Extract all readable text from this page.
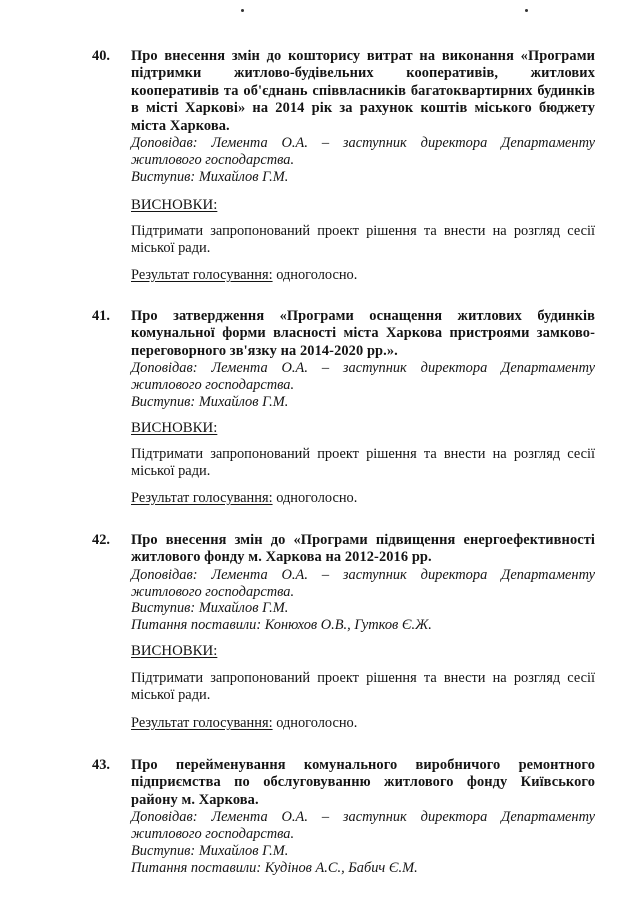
40. Про внесення змін до кошторису витрат на виконання «Програми підтримки житлово-будівельних кооперативів, житлових кооперативів та об'єднань співвласників багатоквартирних будинків в місті Харкові» на 2014 рік за рахунок коштів міського бюджету міста Харкова.

Доповідав: Лемента О.А. – заступник директора Департаменту житлового господарства.

Виступив: Михайлов Г.М.

ВИСНОВКИ:

Підтримати запропонований проект рішення та внести на розгляд сесії міської ради.

Результат голосування: одноголосно.

41. Про затвердження «Програми оснащення житлових будинків комунальної форми власності міста Харкова пристроями замково-переговорного зв'язку на 2014-2020 рр.».

Доповідав: Лемента О.А. – заступник директора Департаменту житлового господарства.

Виступив: Михайлов Г.М.

ВИСНОВКИ:

Підтримати запропонований проект рішення та внести на розгляд сесії міської ради.

Результат голосування: одноголосно.

42. Про внесення змін до «Програми підвищення енергоефективності житлового фонду м. Харкова на 2012-2016 рр.

Доповідав: Лемента О.А. – заступник директора Департаменту житлового господарства.

Виступив: Михайлов Г.М.

Питання поставили: Конюхов О.В., Гутков Є.Ж.

ВИСНОВКИ:

Підтримати запропонований проект рішення та внести на розгляд сесії міської ради.

Результат голосування: одноголосно.

43. Про перейменування комунального виробничого ремонтного підприємства по обслуговуванню житлового фонду Київського району м. Харкова.

Доповідав: Лемента О.А. – заступник директора Департаменту житлового господарства.

Виступив: Михайлов Г.М.

Питання поставили: Кудінов А.С., Бабич Є.М.
